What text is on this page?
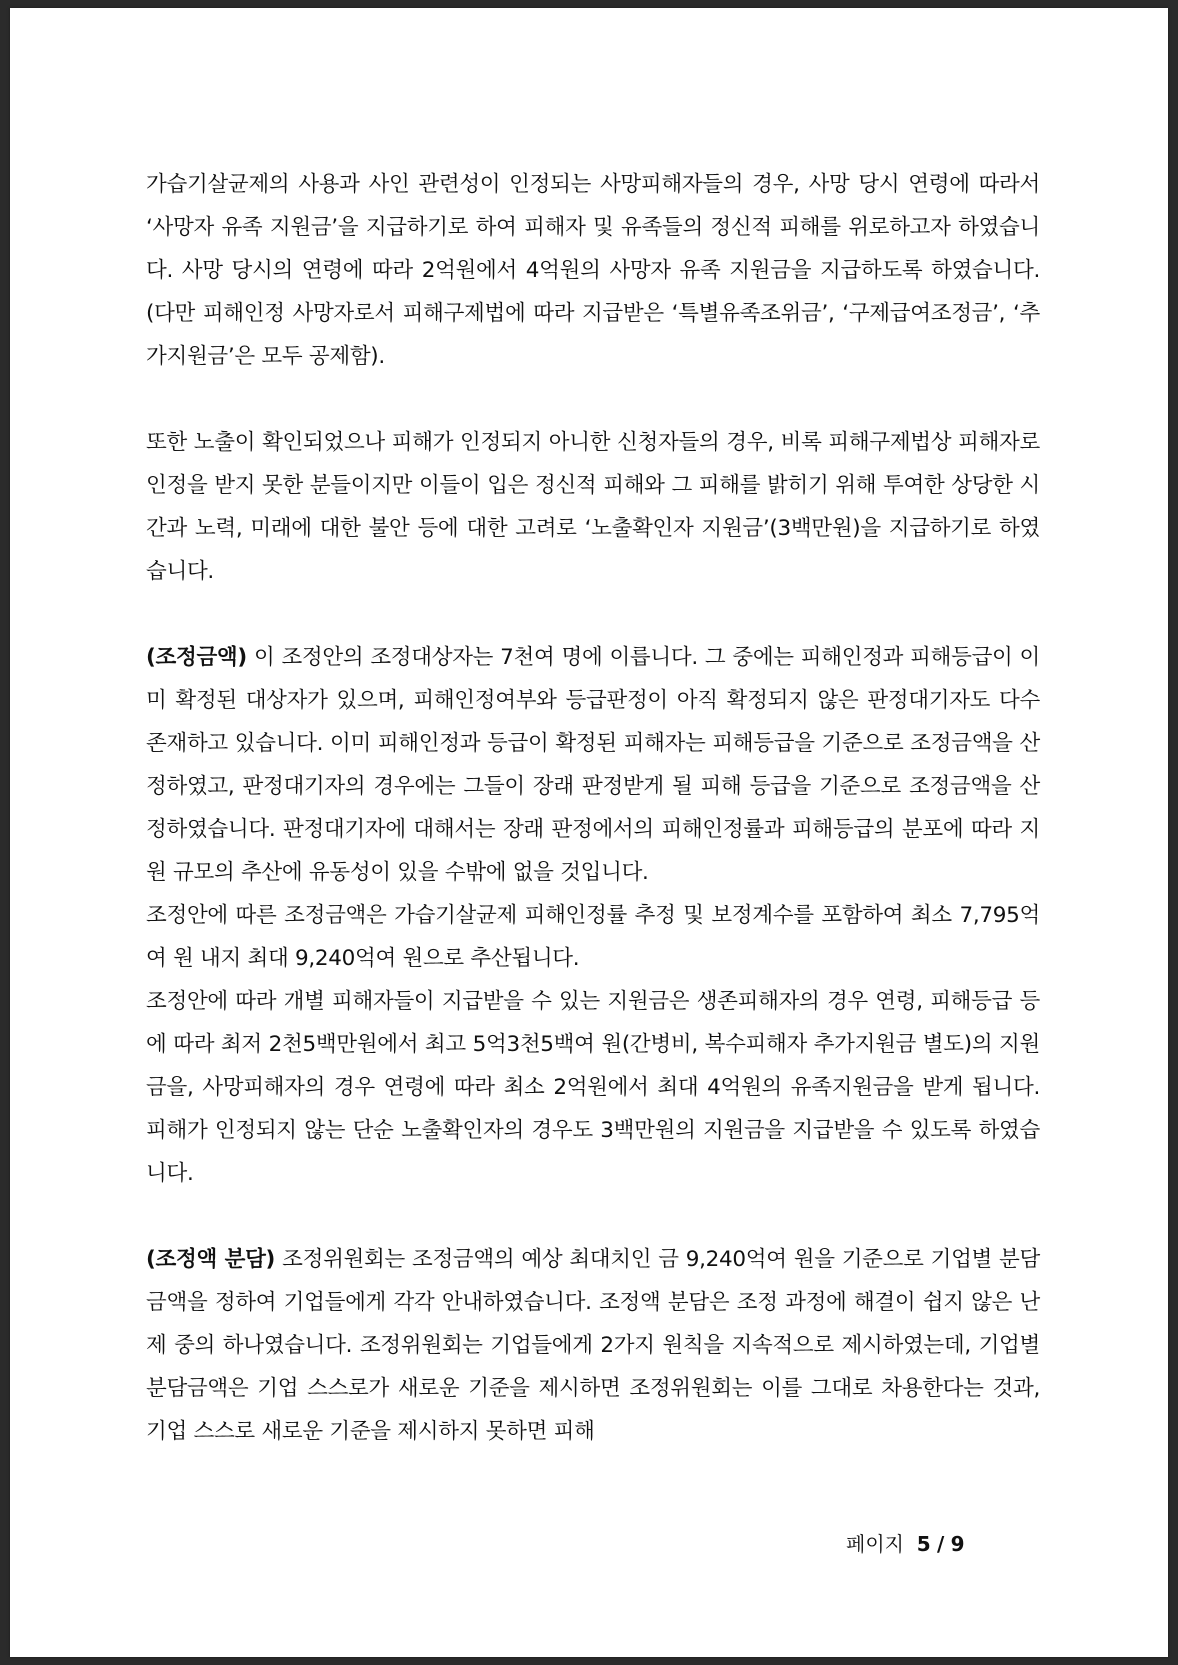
가습기살균제의 사용과 사인 관련성이 인정되는 사망피해자들의 경우, 사망 당시 연령에 따라서 ‘사망자 유족 지원금’을 지급하기로 하여 피해자 및 유족들의 정신적 피해를 위로하고자 하였습니다. 사망 당시의 연령에 따라 2억원에서 4억원의 사망자 유족 지원금을 지급하도록 하였습니다. (다만 피해인정 사망자로서 피해구제법에 따라 지급받은 ‘특별유족조위금’, ‘구제급여조정금’, ‘추가지원금’은 모두 공제함).

또한 노출이 확인되었으나 피해가 인정되지 아니한 신청자들의 경우, 비록 피해구제법상 피해자로 인정을 받지 못한 분들이지만 이들이 입은 정신적 피해와 그 피해를 밝히기 위해 투여한 상당한 시간과 노력, 미래에 대한 불안 등에 대한 고려로 ‘노출확인자 지원금’(3백만원)을 지급하기로 하였습니다.

(조정금액) 이 조정안의 조정대상자는 7천여 명에 이릅니다. 그 중에는 피해인정과 피해등급이 이미 확정된 대상자가 있으며, 피해인정여부와 등급판정이 아직 확정되지 않은 판정대기자도 다수 존재하고 있습니다. 이미 피해인정과 등급이 확정된 피해자는 피해등급을 기준으로 조정금액을 산정하였고, 판정대기자의 경우에는 그들이 장래 판정받게 될 피해 등급을 기준으로 조정금액을 산정하였습니다. 판정대기자에 대해서는 장래 판정에서의 피해인정률과 피해등급의 분포에 따라 지원 규모의 추산에 유동성이 있을 수밖에 없을 것입니다.

조정안에 따른 조정금액은 가습기살균제 피해인정률 추정 및 보정계수를 포함하여 최소 7,795억여 원 내지 최대 9,240억여 원으로 추산됩니다.

조정안에 따라 개별 피해자들이 지급받을 수 있는 지원금은 생존피해자의 경우 연령, 피해등급 등에 따라 최저 2천5백만원에서 최고 5억3천5백여 원(간병비, 복수피해자 추가지원금 별도)의 지원금을, 사망피해자의 경우 연령에 따라 최소 2억원에서 최대 4억원의 유족지원금을 받게 됩니다. 피해가 인정되지 않는 단순 노출확인자의 경우도 3백만원의 지원금을 지급받을 수 있도록 하였습니다.

(조정액 분담) 조정위원회는 조정금액의 예상 최대치인 금 9,240억여 원을 기준으로 기업별 분담금액을 정하여 기업들에게 각각 안내하였습니다. 조정액 분담은 조정 과정에 해결이 쉽지 않은 난제 중의 하나였습니다. 조정위원회는 기업들에게 2가지 원칙을 지속적으로 제시하였는데, 기업별 분담금액은 기업 스스로가 새로운 기준을 제시하면 조정위원회는 이를 그대로 차용한다는 것과, 기업 스스로 새로운 기준을 제시하지 못하면 피해

페이지 5 / 9
